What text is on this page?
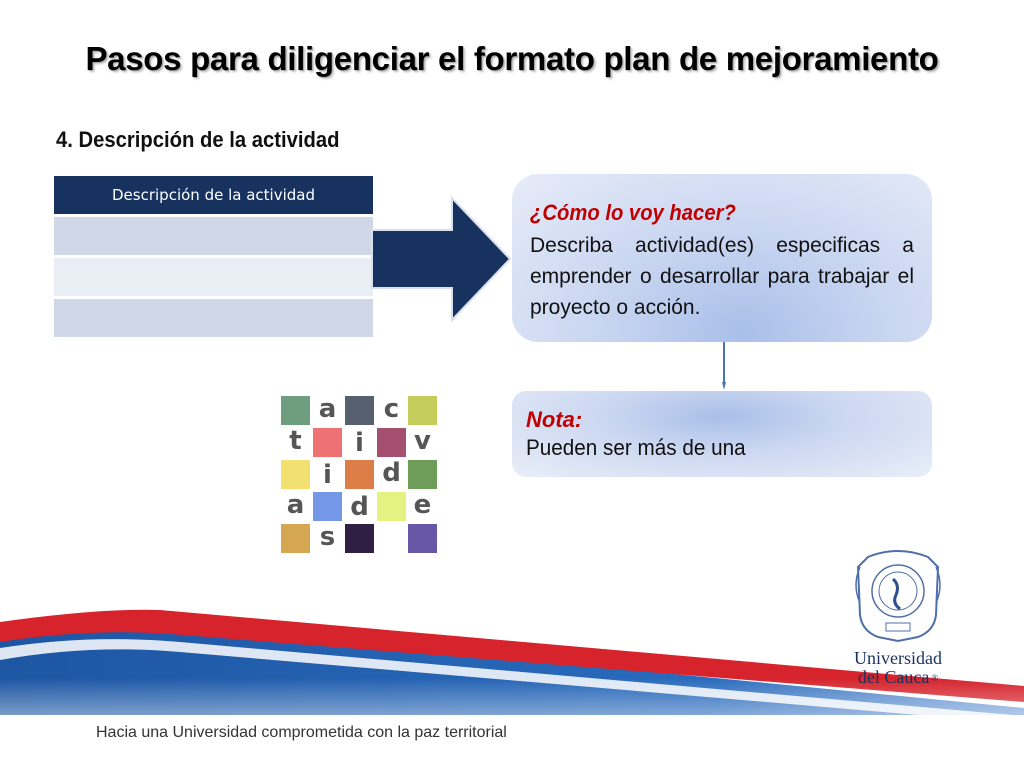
Pasos para diligenciar el formato plan de mejoramiento
4. Descripción de la actividad
Descripción de la actividad
¿Cómo lo voy hacer?
Describa actividad(es) especificas a emprender o desarrollar para trabajar el proyecto o acción.
Nota:
Pueden ser más de una
a c
t	i	v
i	d
a d e
s
Hacia una Universidad comprometida con la paz territorial
Universidad
del Cauca ®
